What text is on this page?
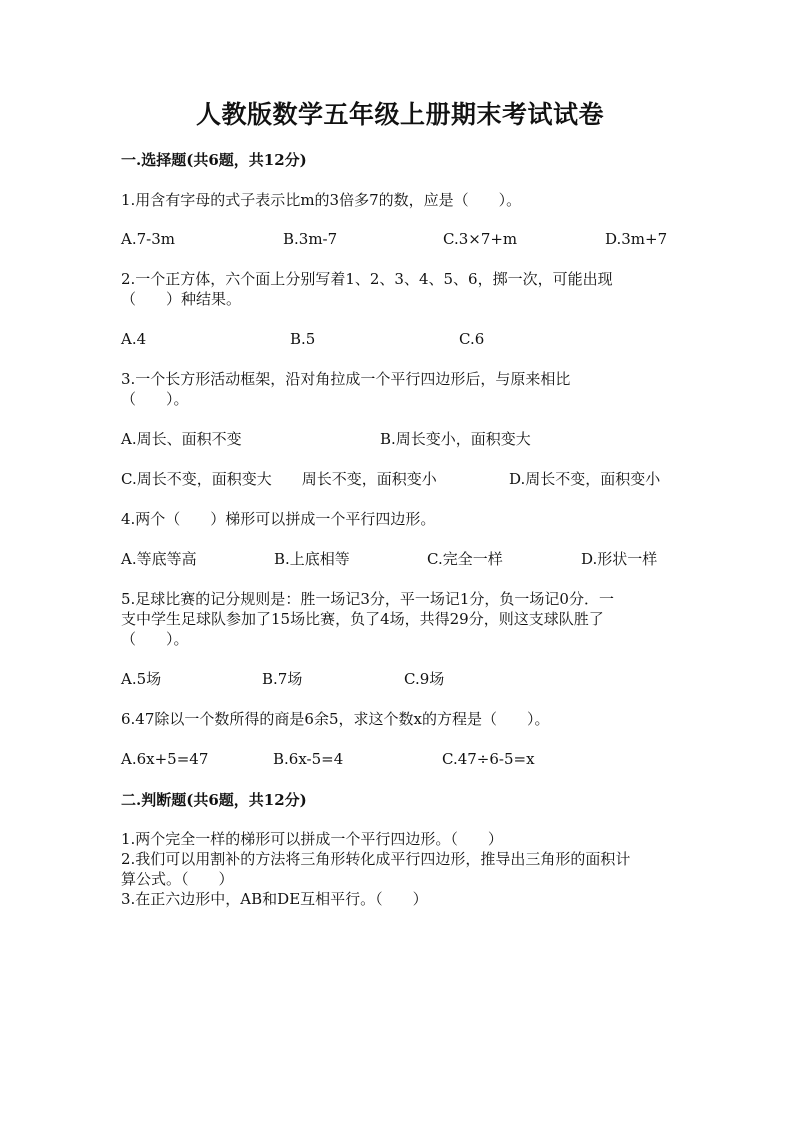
人教版数学五年级上册期末考试试卷
一.选择题(共6题，共12分)
1.用含有字母的式子表示比m的3倍多7的数，应是（　　）。
A.7-3m	B.3m-7	C.3×7+m	D.3m+7
2.一个正方体，六个面上分别写着1、2、3、4、5、6，掷一次，可能出现
（　　）种结果。
A.4	B.5	C.6
3.一个长方形活动框架，沿对角拉成一个平行四边形后，与原来相比
（　　）。
A.周长、面积不变	B.周长变小，面积变大
C.周长不变，面积变大　　周长不变，面积变小	D.周长不变，面积变小
4.两个（　　）梯形可以拼成一个平行四边形。
A.等底等高	B.上底相等	C.完全一样	D.形状一样
5.足球比赛的记分规则是：胜一场记3分，平一场记1分，负一场记0分．一
支中学生足球队参加了15场比赛，负了4场，共得29分，则这支球队胜了
（　　）。
A.5场	B.7场	C.9场
6.47除以一个数所得的商是6余5，求这个数x的方程是（　　）。
A.6x+5=47	B.6x-5=4	C.47÷6-5=x
二.判断题(共6题，共12分)
1.两个完全一样的梯形可以拼成一个平行四边形。（　　）
2.我们可以用割补的方法将三角形转化成平行四边形，推导出三角形的面积计
算公式。（　　）
3.在正六边形中，AB和DE互相平行。（　　）
